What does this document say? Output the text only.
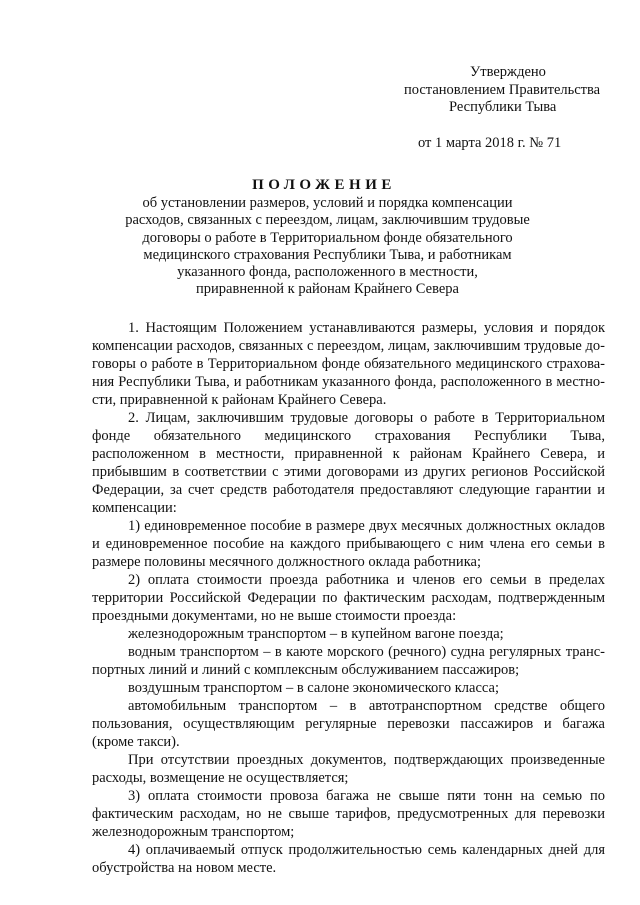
Утверждено
постановлением Правительства
Республики Тыва
от 1 марта 2018 г. № 71
ПОЛОЖЕНИЕ
об установлении размеров, условий и порядка компенсации
расходов, связанных с переездом, лицам, заключившим трудовые
договоры о работе в Территориальном фонде обязательного
медицинского страхования Республики Тыва, и работникам
указанного фонда, расположенного в местности,
приравненной к районам Крайнего Севера

1. Настоящим Положением устанавливаются размеры, условия и порядок компенсации расходов, связанных с переездом, лицам, заключившим трудовые договоры о работе в Территориальном фонде обязательного медицинского страхования Республики Тыва, и работникам указанного фонда, расположенного в местности, приравненной к районам Крайнего Севера.

2. Лицам, заключившим трудовые договоры о работе в Территориальном фонде обязательного медицинского страхования Республики Тыва, расположенном в местности, приравненной к районам Крайнего Севера, и прибывшим в соответствии с этими договорами из других регионов Российской Федерации, за счет средств работодателя предоставляют следующие гарантии и компенсации:

1) единовременное пособие в размере двух месячных должностных окладов и единовременное пособие на каждого прибывающего с ним члена его семьи в размере половины месячного должностного оклада работника;

2) оплата стоимости проезда работника и членов его семьи в пределах территории Российской Федерации по фактическим расходам, подтвержденным проездными документами, но не выше стоимости проезда:

железнодорожным транспортом – в купейном вагоне поезда;

водным транспортом – в каюте морского (речного) судна регулярных транспортных линий и линий с комплексным обслуживанием пассажиров;

воздушным транспортом – в салоне экономического класса;

автомобильным транспортом – в автотранспортном средстве общего пользования, осуществляющим регулярные перевозки пассажиров и багажа (кроме такси).

При отсутствии проездных документов, подтверждающих произведенные расходы, возмещение не осуществляется;

3) оплата стоимости провоза багажа не свыше пяти тонн на семью по фактическим расходам, но не свыше тарифов, предусмотренных для перевозки железнодорожным транспортом;

4) оплачиваемый отпуск продолжительностью семь календарных дней для обустройства на новом месте.
